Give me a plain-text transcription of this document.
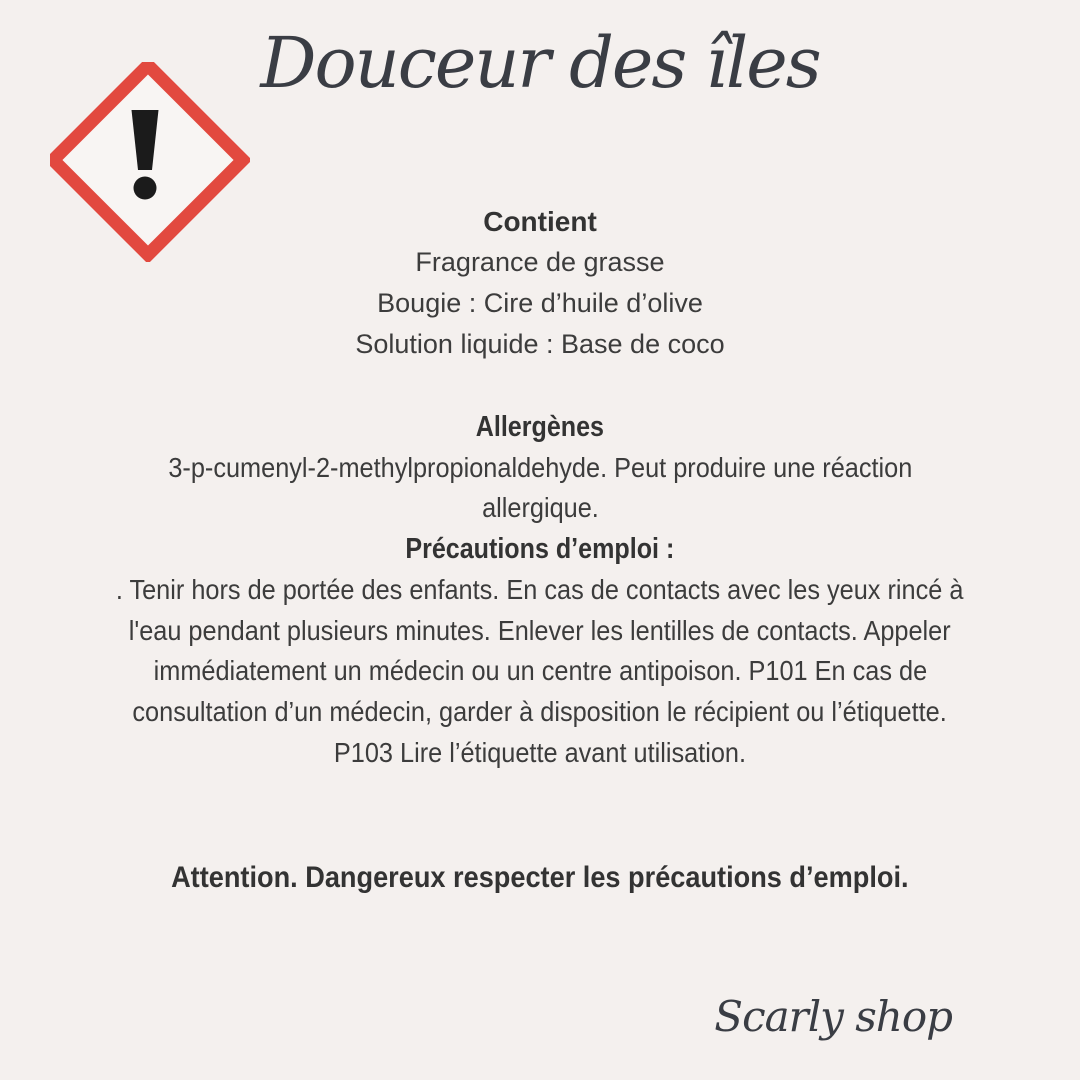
Douceur des îles
Contient
Fragrance de grasse
Bougie : Cire d’huile d’olive
Solution liquide : Base de coco
Allergènes
3-p-cumenyl-2-methylpropionaldehyde. Peut produire une réaction
allergique.
Précautions d’emploi :
. Tenir hors de portée des enfants. En cas de contacts avec les yeux rincé à
l'eau pendant plusieurs minutes. Enlever les lentilles de contacts. Appeler
immédiatement un médecin ou un centre antipoison. P101 En cas de
consultation d’un médecin, garder à disposition le récipient ou l’étiquette.
P103 Lire l’étiquette avant utilisation.
Attention. Dangereux respecter les précautions d’emploi.
Scarly shop
